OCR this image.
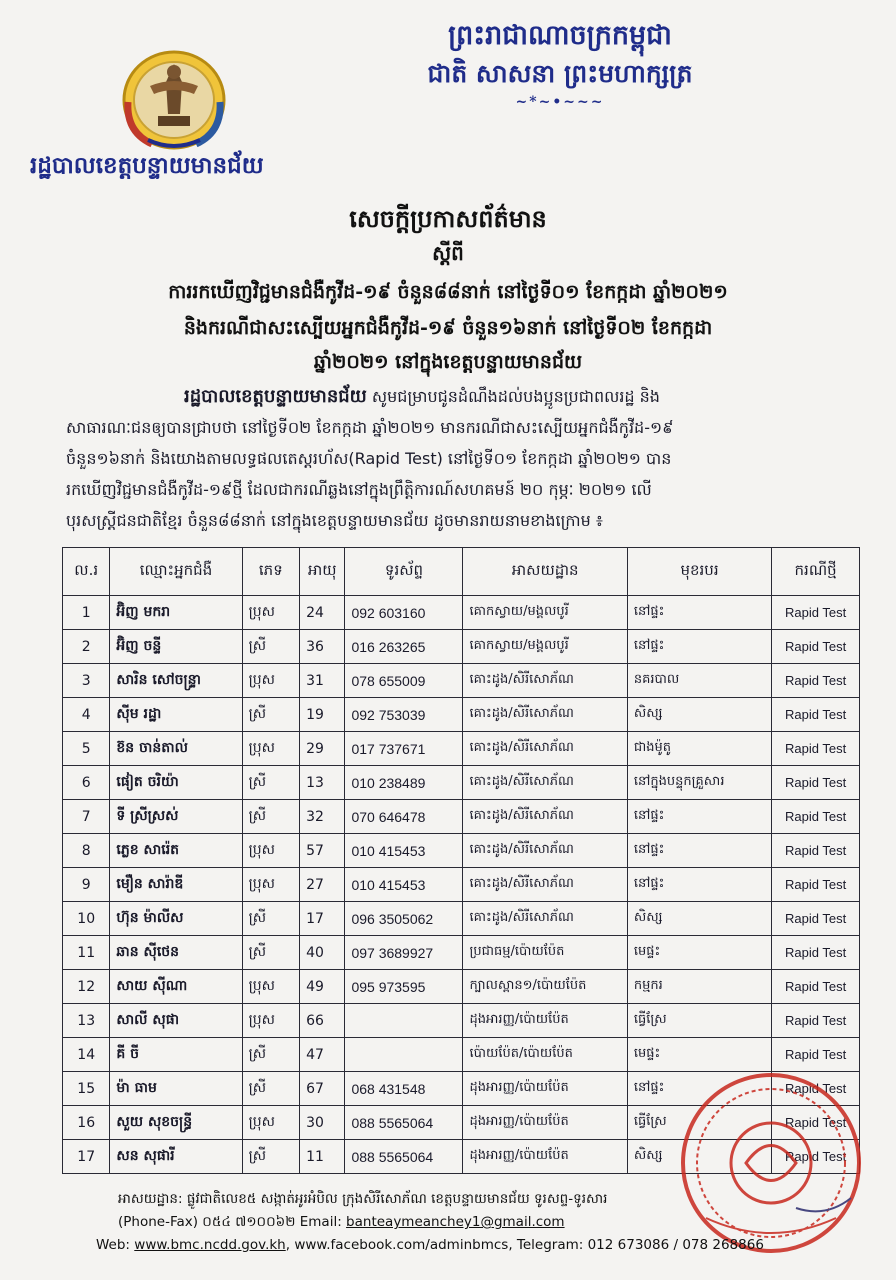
ព្រះរាជាណាចក្រកម្ពុជា
ជាតិ សាសនា ព្រះមហាក្សត្រ
~*~•~~~
រដ្ឋបាលខេត្តបន្ទាយមានជ័យ
សេចក្តីប្រកាសព័ត៌មាន
ស្តីពី
ការរកឃើញវិជ្ជមានជំងឺកូវីដ-១៩ ចំនួន៨៨នាក់ នៅថ្ងៃទី០១ ខែកក្កដា ឆ្នាំ២០២១
និងករណីជាសះស្បើយអ្នកជំងឺកូវីដ-១៩ ចំនួន១៦នាក់ នៅថ្ងៃទី០២ ខែកក្កដា
ឆ្នាំ២០២១ នៅក្នុងខេត្តបន្ទាយមានជ័យ

រដ្ឋបាលខេត្តបន្ទាយមានជ័យ សូមជម្រាបជូនដំណឹងដល់បងប្អូនប្រជាពលរដ្ឋ និង

សាធារណៈជនឲ្យបានជ្រាបថា នៅថ្ងៃទី០២ ខែកក្កដា ឆ្នាំ២០២១ មានករណីជាសះស្បើយអ្នកជំងឺកូវីដ-១៩

ចំនួន១៦នាក់ និងយោងតាមលទ្ធផលតេស្តរហ័ស(Rapid Test) នៅថ្ងៃទី០១ ខែកក្កដា ឆ្នាំ២០២១ បាន

រកឃើញវិជ្ជមានជំងឺកូវីដ-១៩ថ្មី ដែលជាករណីឆ្លងនៅក្នុងព្រឹត្តិការណ៍សហគមន៍ ២០ កុម្ភៈ ២០២១ លើ

បុរសស្ត្រីជនជាតិខ្មែរ ចំនួន៨៨នាក់ នៅក្នុងខេត្តបន្ទាយមានជ័យ ដូចមានរាយនាមខាងក្រោម ៖

ល.រ	ឈ្មោះអ្នកជំងឺ	ភេទ	អាយុ	ទូរស័ព្ទ	អាសយដ្ឋាន	មុខរបរ	ករណីថ្មី
1	អ៊ិញ មករា	ប្រុស	24	092 603160	គោកស្វាយ/មង្គលបូរី	នៅផ្ទះ	Rapid Test
2	អ៊ិញ ចន្ទី	ស្រី	36	016 263265	គោកស្វាយ/មង្គលបូរី	នៅផ្ទះ	Rapid Test
3	សារិន សៅចន្ទ្រា	ប្រុស	31	078 655009	គោះដូង/សិរីសោភ័ណ	នគរបាល	Rapid Test
4	ស៊ីម រដ្ឋា	ស្រី	19	092 753039	គោះដូង/សិរីសោភ័ណ	សិស្ស	Rapid Test
5	ខ៊ន ចាន់តាល់	ប្រុស	29	017 737671	គោះដូង/សិរីសោភ័ណ	ជាងម៉ូតូ	Rapid Test
6	ផៀត ចរិយ៉ា	ស្រី	13	010 238489	គោះដូង/សិរីសោភ័ណ	នៅក្នុងបន្ទុកគ្រួសារ	Rapid Test
7	ទី ស្រីស្រស់	ស្រី	32	070 646478	គោះដូង/សិរីសោភ័ណ	នៅផ្ទះ	Rapid Test
8	ភ្លេខ សារ៉េត	ប្រុស	57	010 415453	គោះដូង/សិរីសោភ័ណ	នៅផ្ទះ	Rapid Test
9	មឿន សារ៉ាឌី	ប្រុស	27	010 415453	គោះដូង/សិរីសោភ័ណ	នៅផ្ទះ	Rapid Test
10	ហ៊ុន ម៉ាលីស	ស្រី	17	096 3505062	គោះដូង/សិរីសោភ័ណ	សិស្ស	Rapid Test
11	ឆាន ស៊ីថេន	ស្រី	40	097 3689927	ប្រជាធម្ម/ប៉ោយប៉ែត	មេផ្ទះ	Rapid Test
12	សាយ ស៊ីណា	ប្រុស	49	095 973595	ក្បាលស្ពាន១/ប៉ោយប៉ែត	កម្មករ	Rapid Test
13	សាលី សុផា	ប្រុស	66		ដុងអារញ្ញ/ប៉ោយប៉ែត	ធ្វើស្រែ	Rapid Test
14	គី ចី	ស្រី	47		ប៉ោយប៉ែត/ប៉ោយប៉ែត	មេផ្ទះ	Rapid Test
15	ម៉ា ធាម	ស្រី	67	068 431548	ដុងអារញ្ញ/ប៉ោយប៉ែត	នៅផ្ទះ	Rapid Test
16	សួយ សុខចន្ធ្រី	ប្រុស	30	088 5565064	ដុងអារញ្ញ/ប៉ោយប៉ែត	ធ្វើស្រែ	Rapid Test
17	សន សុផារី	ស្រី	11	088 5565064	ដុងអារញ្ញ/ប៉ោយប៉ែត	សិស្ស	Rapid Test
អាសយដ្ឋាន: ផ្លូវជាតិលេខ៥ សង្កាត់អូរអំបិល ក្រុងសិរីសោភ័ណ ខេត្តបន្ទាយមានជ័យ ទូរសព្ទ-ទូរសារ
(Phone-Fax) ០៥៤ ៧១០០៦២ Email: banteaymeanchey1@gmail.com
Web: www.bmc.ncdd.gov.kh, www.facebook.com/adminbmcs, Telegram: 012 673086 / 078 268866
